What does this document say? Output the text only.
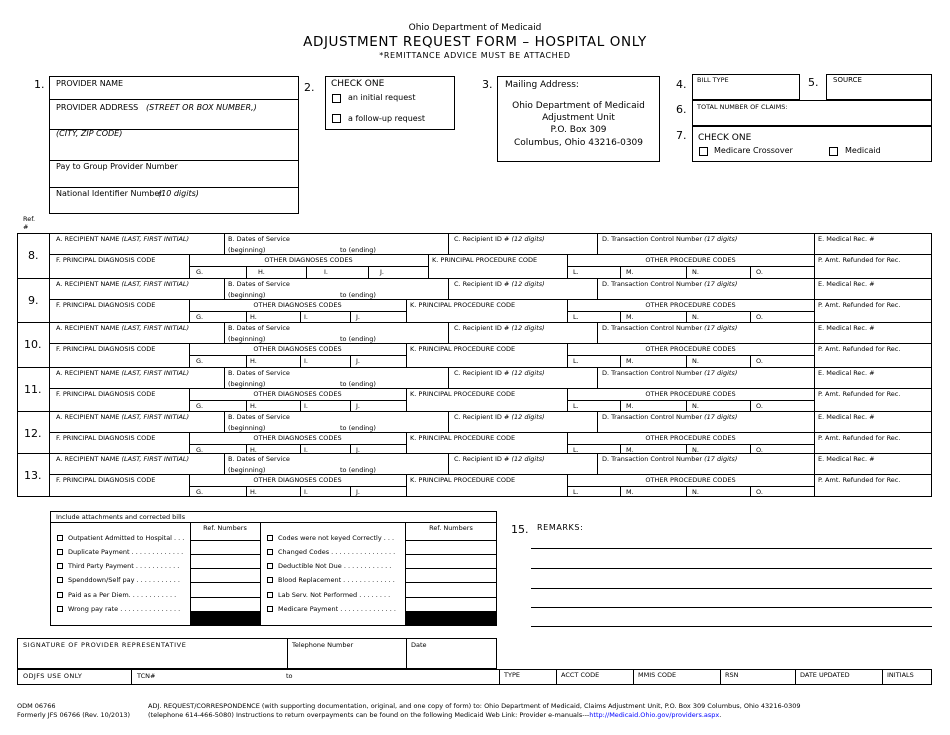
Ohio Department of Medicaid
ADJUSTMENT REQUEST FORM – HOSPITAL ONLY
*REMITTANCE ADVICE MUST BE ATTACHED
1. PROVIDER NAME
PROVIDER ADDRESS (STREET OR BOX NUMBER,)
(CITY, ZIP CODE)
Pay to Group Provider Number
National Identifier Number
(10 digits)
2. CHECK ONE
an initial request
a follow-up request
3. Mailing Address:
Ohio Department of Medicaid
Adjustment Unit
P.O. Box 309
Columbus, Ohio 43216-0309
4. BILL TYPE	5. SOURCE
6. TOTAL NUMBER OF CLAIMS:
7. CHECK ONE
Medicare Crossover	Medicaid
Ref.
#
8.
A. RECIPIENT NAME (LAST, FIRST INITIAL)	B. Dates of Service
(beginning)	to (ending)
C. Recipient ID # (12 digits)	D. Transaction Control Number (17 digits)	E. Medical Rec. #
F. PRINCIPAL DIAGNOSIS CODE	OTHER DIAGNOSES CODES	K. PRINCIPAL PROCEDURE CODE	OTHER PROCEDURE CODES	P. Amt. Refunded for Rec.
G.	H.	I.	J.	L.	M.	N.	O.
9.
A. RECIPIENT NAME (LAST, FIRST INITIAL)	B. Dates of Service
(beginning)	to (ending)
C. Recipient ID # (12 digits)	D. Transaction Control Number (17 digits)	E. Medical Rec. #
F. PRINCIPAL DIAGNOSIS CODE	OTHER DIAGNOSES CODES	K. PRINCIPAL PROCEDURE CODE	OTHER PROCEDURE CODES	P. Amt. Refunded for Rec.
G.	H.	I.	J.	L.	M.	N.	O.
10.
A. RECIPIENT NAME (LAST, FIRST INITIAL)	B. Dates of Service
(beginning)	to (ending)
C. Recipient ID # (12 digits)	D. Transaction Control Number (17 digits)	E. Medical Rec. #
F. PRINCIPAL DIAGNOSIS CODE	OTHER DIAGNOSES CODES	K. PRINCIPAL PROCEDURE CODE	OTHER PROCEDURE CODES	P. Amt. Refunded for Rec.
G.	H.	I.	J.	L.	M.	N.	O.
11.
A. RECIPIENT NAME (LAST, FIRST INITIAL)	B. Dates of Service
(beginning)	to (ending)
C. Recipient ID # (12 digits)	D. Transaction Control Number (17 digits)	E. Medical Rec. #
F. PRINCIPAL DIAGNOSIS CODE	OTHER DIAGNOSES CODES	K. PRINCIPAL PROCEDURE CODE	OTHER PROCEDURE CODES	P. Amt. Refunded for Rec.
G.	H.	I.	J.	L.	M.	N.	O.
12.
A. RECIPIENT NAME (LAST, FIRST INITIAL)	B. Dates of Service
(beginning)	to (ending)
C. Recipient ID # (12 digits)	D. Transaction Control Number (17 digits)	E. Medical Rec. #
F. PRINCIPAL DIAGNOSIS CODE	OTHER DIAGNOSES CODES	K. PRINCIPAL PROCEDURE CODE	OTHER PROCEDURE CODES	P. Amt. Refunded for Rec.
G.	H.	I.	J.	L.	M.	N.	O.
13.
A. RECIPIENT NAME (LAST, FIRST INITIAL)	B. Dates of Service
(beginning)	to (ending)
C. Recipient ID # (12 digits)	D. Transaction Control Number (17 digits)	E. Medical Rec. #
F. PRINCIPAL DIAGNOSIS CODE	OTHER DIAGNOSES CODES	K. PRINCIPAL PROCEDURE CODE	OTHER PROCEDURE CODES	P. Amt. Refunded for Rec.
G.	H.	I.	J.	L.	M.	N.	O.
Include attachments and corrected bills
Ref. Numbers	Ref. Numbers
Outpatient Admitted to Hospital . . .	Codes were not keyed Correctly . . .
Duplicate Payment . . . . . . . . . . . . .	Changed Codes . . . . . . . . . . . . . . . .
Third Party Payment . . . . . . . . . . .	Deductible Not Due . . . . . . . . . . . .
Spenddown/Self pay . . . . . . . . . . .	Blood Replacement . . . . . . . . . . . . .
Paid as a Per Diem. . . . . . . . . . . .	Lab Serv. Not Performed . . . . . . . .
Wrong pay rate . . . . . . . . . . . . . . .	Medicare Payment . . . . . . . . . . . . . .
15. REMARKS:
SIGNATURE OF PROVIDER REPRESENTATIVE	Telephone Number	Date
ODJFS USE ONLY	TCN#	to	TYPE	ACCT CODE	MMIS CODE	RSN	DATE UPDATED	INITIALS
ODM 06766
Formerly JFS 06766 (Rev. 10/2013)
ADJ. REQUEST/CORRESPONDENCE (with supporting documentation, original, and one copy of form) to: Ohio Department of Medicaid, Claims Adjustment Unit, P.O. Box 309 Columbus, Ohio 43216-0309
(telephone 614-466-5080) Instructions to return overpayments can be found on the following Medicaid Web Link: Provider e-manuals---http://Medicaid.Ohio.gov/providers.aspx.
